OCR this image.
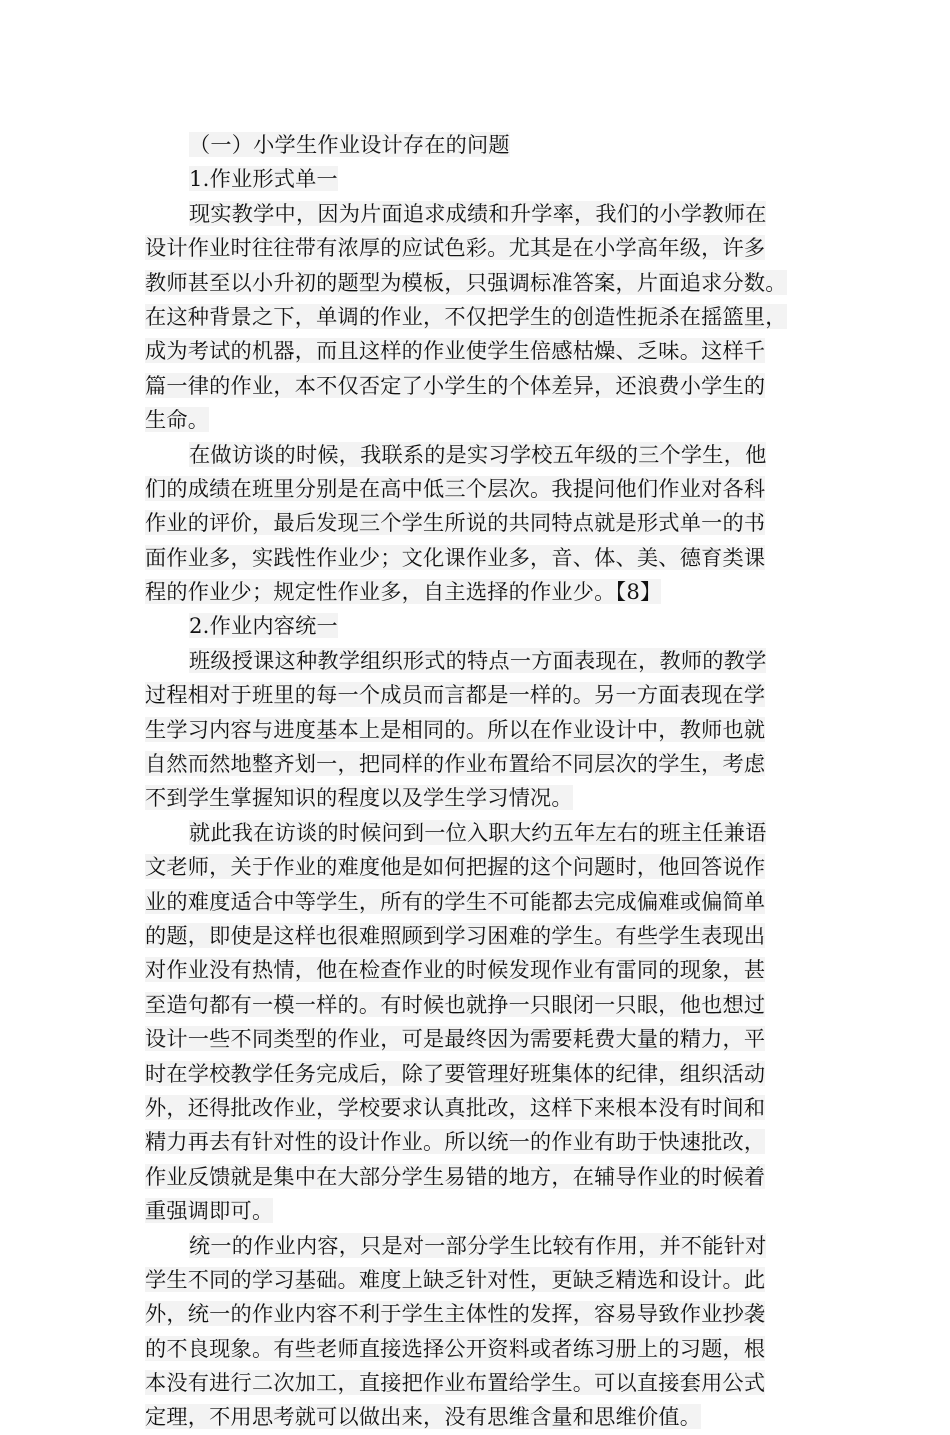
（一）小学生作业设计存在的问题
1.作业形式单一
现实教学中，因为片面追求成绩和升学率，我们的小学教师在
设计作业时往往带有浓厚的应试色彩。尤其是在小学高年级，许多
教师甚至以小升初的题型为模板，只强调标准答案，片面追求分数。
在这种背景之下，单调的作业，不仅把学生的创造性扼杀在摇篮里，
成为考试的机器，而且这样的作业使学生倍感枯燥、乏味。这样千
篇一律的作业，本不仅否定了小学生的个体差异，还浪费小学生的
生命。
在做访谈的时候，我联系的是实习学校五年级的三个学生，他
们的成绩在班里分别是在高中低三个层次。我提问他们作业对各科
作业的评价，最后发现三个学生所说的共同特点就是形式单一的书
面作业多，实践性作业少；文化课作业多，音、体、美、德育类课
程的作业少；规定性作业多，自主选择的作业少。【8】
2.作业内容统一
班级授课这种教学组织形式的特点一方面表现在，教师的教学
过程相对于班里的每一个成员而言都是一样的。另一方面表现在学
生学习内容与进度基本上是相同的。所以在作业设计中，教师也就
自然而然地整齐划一，把同样的作业布置给不同层次的学生，考虑
不到学生掌握知识的程度以及学生学习情况。
就此我在访谈的时候问到一位入职大约五年左右的班主任兼语
文老师，关于作业的难度他是如何把握的这个问题时，他回答说作
业的难度适合中等学生，所有的学生不可能都去完成偏难或偏简单
的题，即使是这样也很难照顾到学习困难的学生。有些学生表现出
对作业没有热情，他在检查作业的时候发现作业有雷同的现象，甚
至造句都有一模一样的。有时候也就挣一只眼闭一只眼，他也想过
设计一些不同类型的作业，可是最终因为需要耗费大量的精力，平
时在学校教学任务完成后，除了要管理好班集体的纪律，组织活动
外，还得批改作业，学校要求认真批改，这样下来根本没有时间和
精力再去有针对性的设计作业。所以统一的作业有助于快速批改，
作业反馈就是集中在大部分学生易错的地方，在辅导作业的时候着
重强调即可。
统一的作业内容，只是对一部分学生比较有作用，并不能针对
学生不同的学习基础。难度上缺乏针对性，更缺乏精选和设计。此
外，统一的作业内容不利于学生主体性的发挥，容易导致作业抄袭
的不良现象。有些老师直接选择公开资料或者练习册上的习题，根
本没有进行二次加工，直接把作业布置给学生。可以直接套用公式
定理，不用思考就可以做出来，没有思维含量和思维价值。
